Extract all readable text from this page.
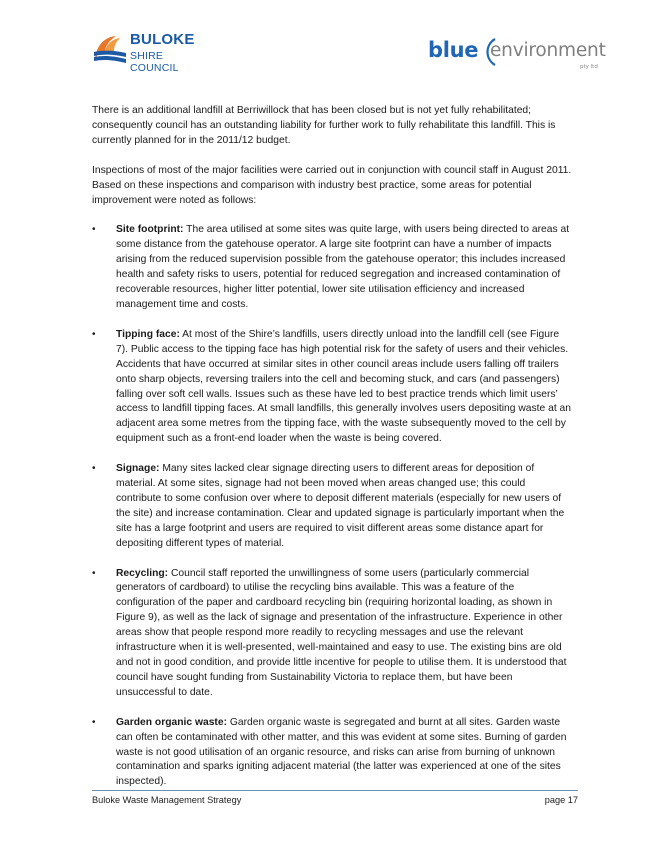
BULOKE
SHIRE COUNCIL
blue environment
pty ltd

There is an additional landfill at Berriwillock that has been closed but is not yet fully rehabilitated; consequently council has an outstanding liability for further work to fully rehabilitate this landfill. This is currently planned for in the 2011/12 budget.

Inspections of most of the major facilities were carried out in conjunction with council staff in August 2011. Based on these inspections and comparison with industry best practice, some areas for potential improvement were noted as follows:

•	Site footprint: The area utilised at some sites was quite large, with users being directed to areas at some distance from the gatehouse operator. A large site footprint can have a number of impacts arising from the reduced supervision possible from the gatehouse operator; this includes increased health and safety risks to users, potential for reduced segregation and increased contamination of recoverable resources, higher litter potential, lower site utilisation efficiency and increased management time and costs.
•	Tipping face: At most of the Shire’s landfills, users directly unload into the landfill cell (see Figure 7). Public access to the tipping face has high potential risk for the safety of users and their vehicles. Accidents that have occurred at similar sites in other council areas include users falling off trailers onto sharp objects, reversing trailers into the cell and becoming stuck, and cars (and passengers) falling over soft cell walls. Issues such as these have led to best practice trends which limit users’ access to landfill tipping faces. At small landfills, this generally involves users depositing waste at an adjacent area some metres from the tipping face, with the waste subsequently moved to the cell by equipment such as a front-end loader when the waste is being covered.
•	Signage: Many sites lacked clear signage directing users to different areas for deposition of material. At some sites, signage had not been moved when areas changed use; this could contribute to some confusion over where to deposit different materials (especially for new users of the site) and increase contamination. Clear and updated signage is particularly important when the site has a large footprint and users are required to visit different areas some distance apart for depositing different types of material.
•	Recycling: Council staff reported the unwillingness of some users (particularly commercial generators of cardboard) to utilise the recycling bins available. This was a feature of the configuration of the paper and cardboard recycling bin (requiring horizontal loading, as shown in Figure 9), as well as the lack of signage and presentation of the infrastructure. Experience in other areas show that people respond more readily to recycling messages and use the relevant infrastructure when it is well-presented, well-maintained and easy to use. The existing bins are old and not in good condition, and provide little incentive for people to utilise them. It is understood that council have sought funding from Sustainability Victoria to replace them, but have been unsuccessful to date.
•	Garden organic waste: Garden organic waste is segregated and burnt at all sites. Garden waste can often be contaminated with other matter, and this was evident at some sites. Burning of garden waste is not good utilisation of an organic resource, and risks can arise from burning of unknown contamination and sparks igniting adjacent material (the latter was experienced at one of the sites inspected).
Buloke Waste Management Strategy	page 17
